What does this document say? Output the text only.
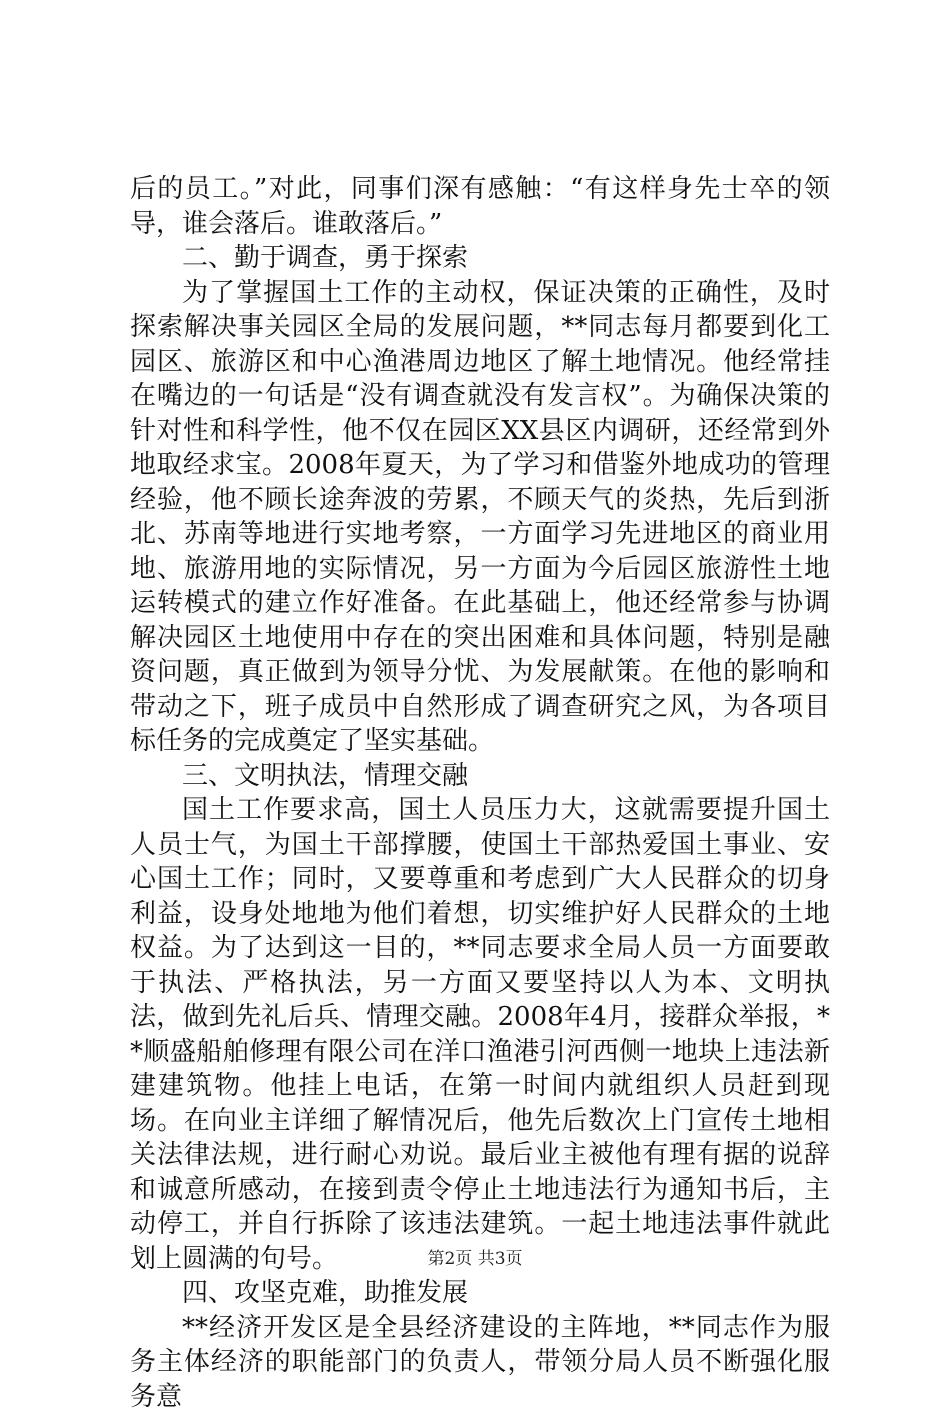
后的员工。”对此，同事们深有感触：“有这样身先士卒的领导，谁会落后。谁敢落后。”

二、勤于调查，勇于探索

为了掌握国土工作的主动权，保证决策的正确性，及时探索解决事关园区全局的发展问题，**同志每月都要到化工园区、旅游区和中心渔港周边地区了解土地情况。他经常挂在嘴边的一句话是“没有调查就没有发言权”。为确保决策的针对性和科学性，他不仅在园区XX县区内调研，还经常到外地取经求宝。2008年夏天，为了学习和借鉴外地成功的管理经验，他不顾长途奔波的劳累，不顾天气的炎热，先后到浙北、苏南等地进行实地考察，一方面学习先进地区的商业用地、旅游用地的实际情况，另一方面为今后园区旅游性土地运转模式的建立作好准备。在此基础上，他还经常参与协调解决园区土地使用中存在的突出困难和具体问题，特别是融资问题，真正做到为领导分忧、为发展献策。在他的影响和带动之下，班子成员中自然形成了调查研究之风，为各项目标任务的完成奠定了坚实基础。

三、文明执法，情理交融

国土工作要求高，国土人员压力大，这就需要提升国土人员士气，为国土干部撑腰，使国土干部热爱国土事业、安心国土工作；同时，又要尊重和考虑到广大人民群众的切身利益，设身处地地为他们着想，切实维护好人民群众的土地权益。为了达到这一目的，**同志要求全局人员一方面要敢于执法、严格执法，另一方面又要坚持以人为本、文明执法，做到先礼后兵、情理交融。2008年4月，接群众举报，**顺盛船舶修理有限公司在洋口渔港引河西侧一地块上违法新建建筑物。他挂上电话，在第一时间内就组织人员赶到现场。在向业主详细了解情况后，他先后数次上门宣传土地相关法律法规，进行耐心劝说。最后业主被他有理有据的说辞和诚意所感动，在接到责令停止土地违法行为通知书后，主动停工，并自行拆除了该违法建筑。一起土地违法事件就此划上圆满的句号。

四、攻坚克难，助推发展

**经济开发区是全县经济建设的主阵地，**同志作为服务主体经济的职能部门的负责人，带领分局人员不断强化服务意

第2页 共3页
